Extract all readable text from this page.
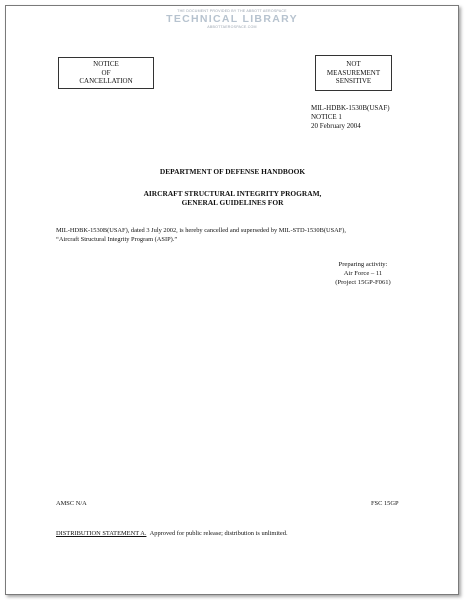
THE DOCUMENT PROVIDED BY THE ABBOTT AEROSPACE
TECHNICAL LIBRARY
ABBOTTAEROSPACE.COM
NOTICE
OF
CANCELLATION
NOT
MEASUREMENT
SENSITIVE
MIL-HDBK-1530B(USAF)
NOTICE 1
20 February 2004
DEPARTMENT OF DEFENSE HANDBOOK
AIRCRAFT STRUCTURAL INTEGRITY PROGRAM,
GENERAL GUIDELINES FOR
MIL-HDBK-1530B(USAF), dated 3 July 2002, is hereby cancelled and superseded by MIL-STD-1530B(USAF),
“Aircraft Structural Integrity Program (ASIP).”
Preparing activity:
Air Force – 11
(Project 15GP-F061)
AMSC N/A	FSC 15GP
DISTRIBUTION STATEMENT A. Approved for public release; distribution is unlimited.
